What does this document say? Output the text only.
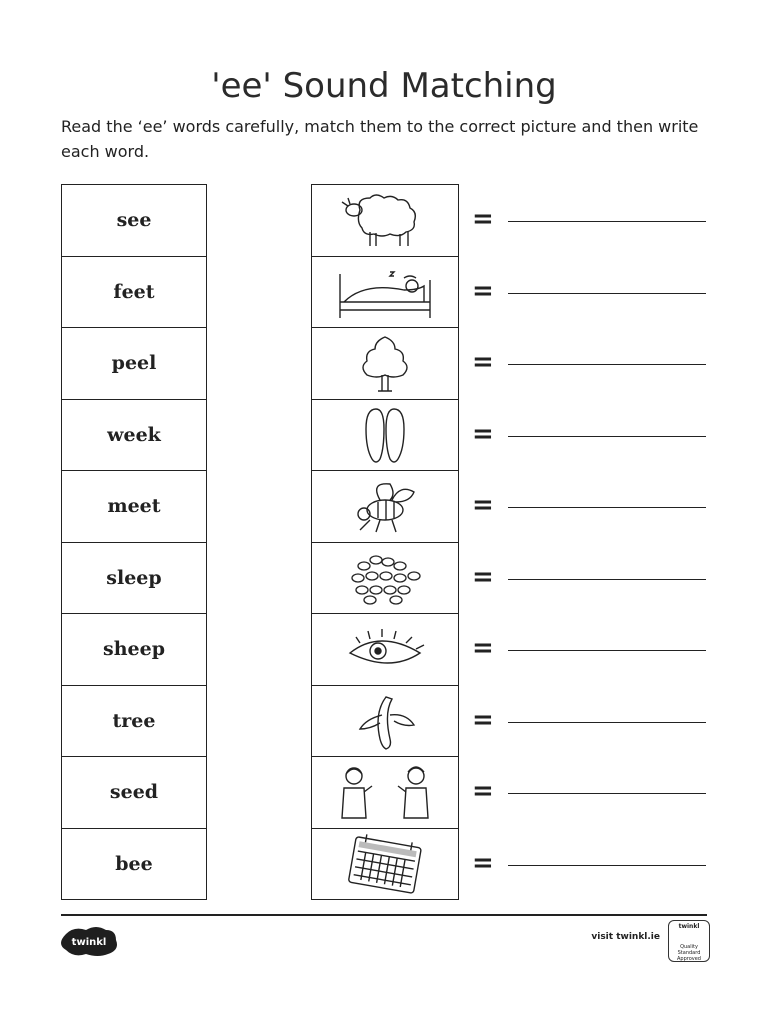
'ee' Sound Matching
Read the ‘ee’ words carefully, match them to the correct picture and then write each word.
see
feet
peel
week
meet
sleep
sheep
tree
seed
bee
=
=
=
=
=
=
=
=
=
=
twinkl	visit twinkl.ie
twinkl
Quality Standard Approved
